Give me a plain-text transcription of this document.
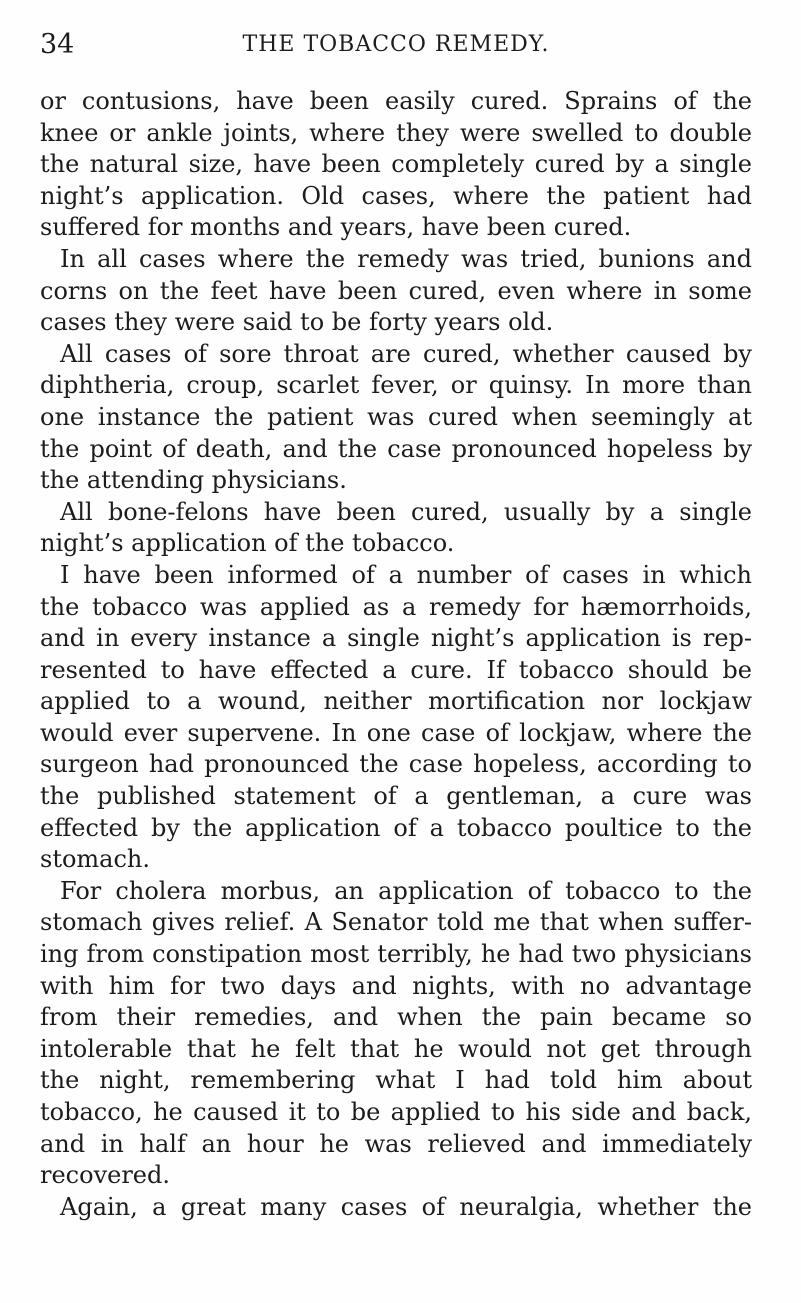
34	THE TOBACCO REMEDY.
or contusions, have been easily cured. Sprains of the
knee or ankle joints, where they were swelled to double
the natural size, have been completely cured by a single
night’s application. Old cases, where the patient had
suffered for months and years, have been cured.
In all cases where the remedy was tried, bunions and
corns on the feet have been cured, even where in some
cases they were said to be forty years old.
All cases of sore throat are cured, whether caused by
diphtheria, croup, scarlet fever, or quinsy. In more than
one instance the patient was cured when seemingly at
the point of death, and the case pronounced hopeless by
the attending physicians.
All bone-felons have been cured, usually by a single
night’s application of the tobacco.
I have been informed of a number of cases in which
the tobacco was applied as a remedy for hæmorrhoids,
and in every instance a single night’s application is rep-
resented to have effected a cure. If tobacco should be
applied to a wound, neither mortification nor lockjaw
would ever supervene. In one case of lockjaw, where the
surgeon had pronounced the case hopeless, according to
the published statement of a gentleman, a cure was
effected by the application of a tobacco poultice to the
stomach.
For cholera morbus, an application of tobacco to the
stomach gives relief. A Senator told me that when suffer-
ing from constipation most terribly, he had two physicians
with him for two days and nights, with no advantage
from their remedies, and when the pain became so
intolerable that he felt that he would not get through
the night, remembering what I had told him about
tobacco, he caused it to be applied to his side and back,
and in half an hour he was relieved and immediately
recovered.
Again, a great many cases of neuralgia, whether the
